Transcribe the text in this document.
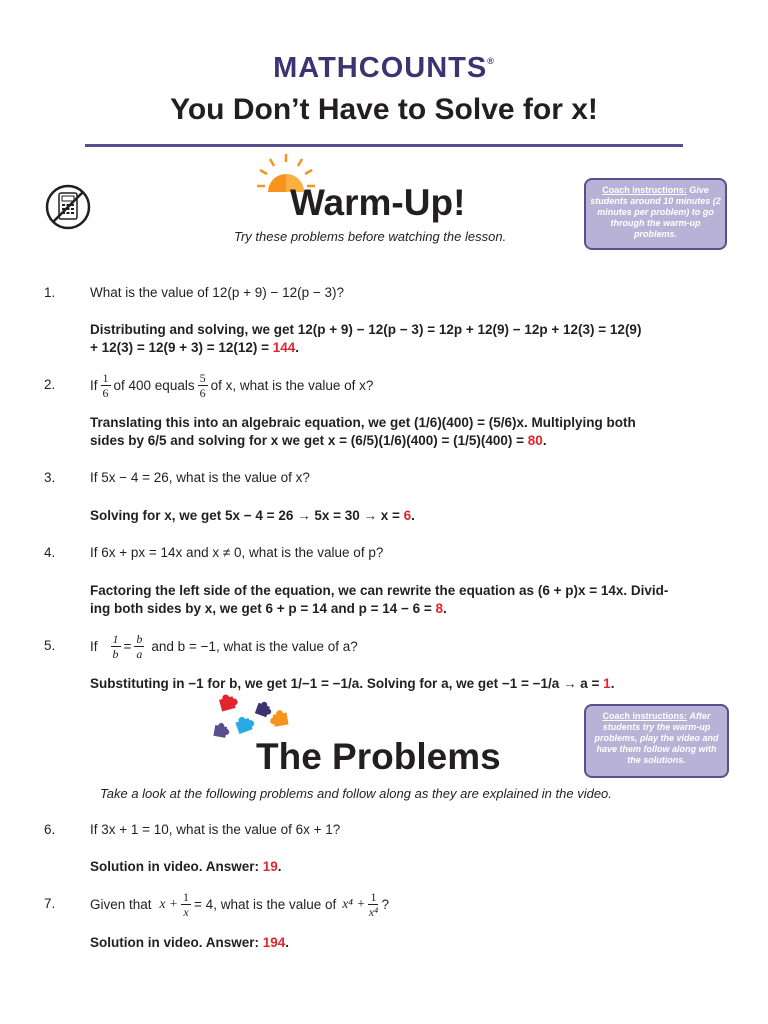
MATHCOUNTS®
You Don’t Have to Solve for x!
Warm-Up!
Try these problems before watching the lesson.
Coach instructions: Give students around 10 minutes (2 minutes per problem) to go through the warm-up problems.
1.	What is the value of 12(p + 9) − 12(p − 3)?
Distributing and solving, we get 12(p + 9) − 12(p − 3) = 12p + 12(9) − 12p + 12(3) = 12(9)
+ 12(3) = 12(9 + 3) = 12(12) = 144.
2.	If $\frac{1}{6}$ of 400 equals $\frac{5}{6}$ of x, what is the value of x?
Translating this into an algebraic equation, we get (1/6)(400) = (5/6)x. Multiplying both
sides by 6/5 and solving for x we get x = (6/5)(1/6)(400) = (1/5)(400) = 80.
3.	If 5x − 4 = 26, what is the value of x?
Solving for x, we get 5x − 4 = 26 → 5x = 30 → x = 6.
4.	If 6x + px = 14x and x ≠ 0, what is the value of p?
Factoring the left side of the equation, we can rewrite the equation as (6 + p)x = 14x. Divid-
ing both sides by x, we get 6 + p = 14 and p = 14 − 6 = 8.
5.	If $\frac{1}{b} = \frac{b}{a}$ and b = −1, what is the value of a?
Substituting in −1 for b, we get 1/−1 = −1/a. Solving for a, we get −1 = −1/a → a = 1.
The Problems
Take a look at the following problems and follow along as they are explained in the video.
Coach instructions: After students try the warm-up problems, play the video and have them follow along with the solutions.
6.	If 3x + 1 = 10, what is the value of 6x + 1?
Solution in video. Answer: 19.
7.	Given that $x + \frac{1}{x} = 4$ , what is the value of $x^4 + \frac{1}{\text{x⁴}}$ ?
Solution in video. Answer: 194.
